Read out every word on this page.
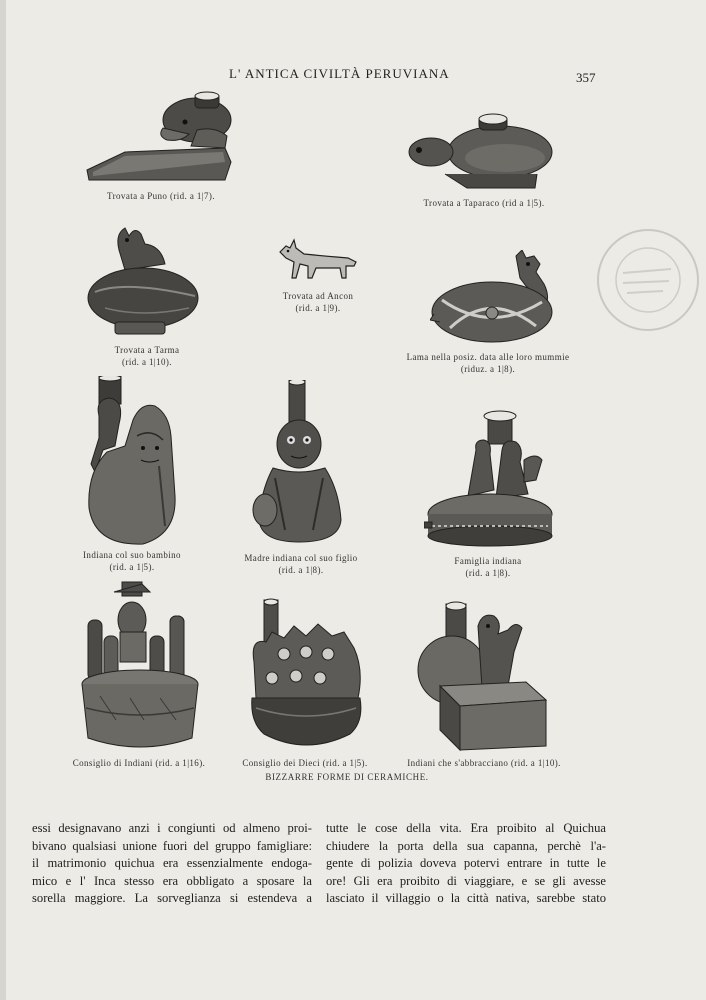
L' ANTICA CIVILTÀ PERUVIANA	357
Trovata a Puno (rid. a 1|7).
Trovata a Taparaco (rid a 1|5).
Trovata a Tarma
(rid. a 1|10).
Trovata ad Ancon
(rid. a 1|9).
Lama nella posiz. data alle loro mummie
(riduz. a 1|8).
Indiana col suo bambino
(rid. a 1|5).
Madre indiana col suo figlio
(rid. a 1|8).
Famiglia indiana
(rid. a 1|8).
Consiglio di Indiani (rid. a 1|16).	Consiglio dei Dieci (rid. a 1|5).	Indiani che s'abbracciano (rid. a 1|10).
BIZZARRE FORME DI CERAMICHE.
essi designavano anzi i congiunti od almeno proi-
bivano qualsiasi unione fuori del gruppo famigliare:
il matrimonio quichua era essenzialmente endoga-
mico e l' Inca stesso era obbligato a sposare la
sorella maggiore. La sorveglianza si estendeva a
tutte le cose della vita. Era proibito al Quichua
chiudere la porta della sua capanna, perchè l'a-
gente di polizia doveva potervi entrare in tutte le
ore! Gli era proibito di viaggiare, e se gli avesse
lasciato il villaggio o la città nativa, sarebbe stato
